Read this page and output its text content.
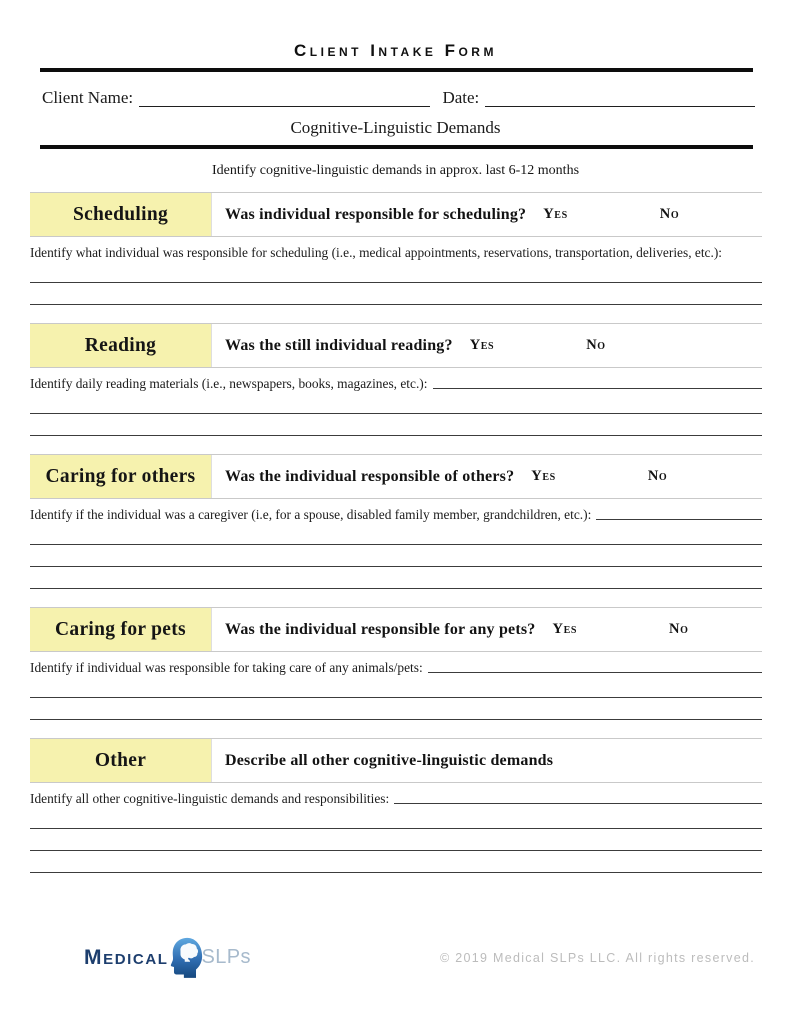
Client Intake Form
Client Name:	Date:
Cognitive-Linguistic Demands
Identify cognitive-linguistic demands in approx. last 6-12 months
Scheduling	Was individual responsible for scheduling? Yes	No
Identify what individual was responsible for scheduling (i.e., medical appointments, reservations, transportation, deliveries, etc.):
Reading	Was the still individual reading? Yes	No
Identify daily reading materials (i.e., newspapers, books, magazines, etc.):
Caring for others	Was the individual responsible of others? Yes	No
Identify if the individual was a caregiver (i.e, for a spouse, disabled family member, grandchildren, etc.):
Caring for pets	Was the individual responsible for any pets? Yes	No
Identify if individual was responsible for taking care of any animals/pets:
Other	Describe all other cognitive-linguistic demands
Identify all other cognitive-linguistic demands and responsibilities:
Medical SLPs	© 2019 Medical SLPs LLC. All rights reserved.
